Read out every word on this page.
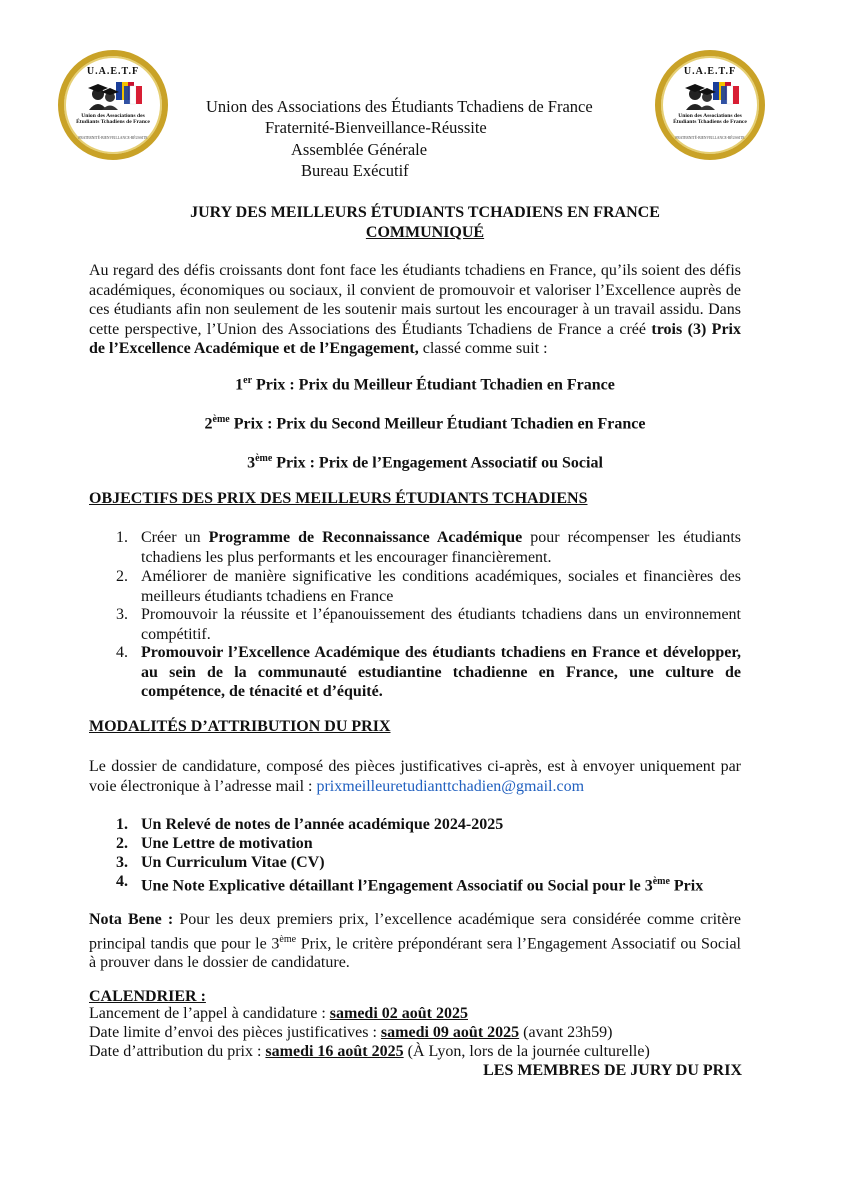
U.A.E.T.F
Union des Associations des Étudiants Tchadiens de France
FRATERNITÉ-BIENVEILLANCE-RÉUSSITE
U.A.E.T.F
Union des Associations des Étudiants Tchadiens de France
FRATERNITÉ-BIENVEILLANCE-RÉUSSITE
Union des Associations des Étudiants Tchadiens de France
Fraternité-Bienveillance-Réussite
Assemblée Générale
Bureau Exécutif
JURY DES MEILLEURS ÉTUDIANTS TCHADIENS EN FRANCE
COMMUNIQUÉ
Au regard des défis croissants dont font face les étudiants tchadiens en France, qu’ils soient des défis académiques, économiques ou sociaux, il convient de promouvoir et valoriser l’Excellence auprès de ces étudiants afin non seulement de les soutenir mais surtout les encourager à un travail assidu. Dans cette perspective, l’Union des Associations des Étudiants Tchadiens de France a créé trois (3) Prix de l’Excellence Académique et de l’Engagement, classé comme suit :
1er Prix : Prix du Meilleur Étudiant Tchadien en France
2ème Prix : Prix du Second Meilleur Étudiant Tchadien en France
3ème Prix : Prix de l’Engagement Associatif ou Social
OBJECTIFS DES PRIX DES MEILLEURS ÉTUDIANTS TCHADIENS
1. Créer un Programme de Reconnaissance Académique pour récompenser les étudiants tchadiens les plus performants et les encourager financièrement.
2. Améliorer de manière significative les conditions académiques, sociales et financières des meilleurs étudiants tchadiens en France
3. Promouvoir la réussite et l’épanouissement des étudiants tchadiens dans un environnement compétitif.
4. Promouvoir l’Excellence Académique des étudiants tchadiens en France et développer, au sein de la communauté estudiantine tchadienne en France, une culture de compétence, de ténacité et d’équité.
MODALITÉS D’ATTRIBUTION DU PRIX
Le dossier de candidature, composé des pièces justificatives ci-après, est à envoyer uniquement par voie électronique à l’adresse mail : prixmeilleuretudianttchadien@gmail.com
1. Un Relevé de notes de l’année académique 2024-2025
2. Une Lettre de motivation
3. Un Curriculum Vitae (CV)
4. Une Note Explicative détaillant l’Engagement Associatif ou Social pour le 3ème Prix
Nota Bene : Pour les deux premiers prix, l’excellence académique sera considérée comme critère principal tandis que pour le 3ème Prix, le critère prépondérant sera l’Engagement Associatif ou Social à prouver dans le dossier de candidature.
CALENDRIER :
Lancement de l’appel à candidature : samedi 02 août 2025
Date limite d’envoi des pièces justificatives : samedi 09 août 2025 (avant 23h59)
Date d’attribution du prix : samedi 16 août 2025 (À Lyon, lors de la journée culturelle)
LES MEMBRES DE JURY DU PRIX
